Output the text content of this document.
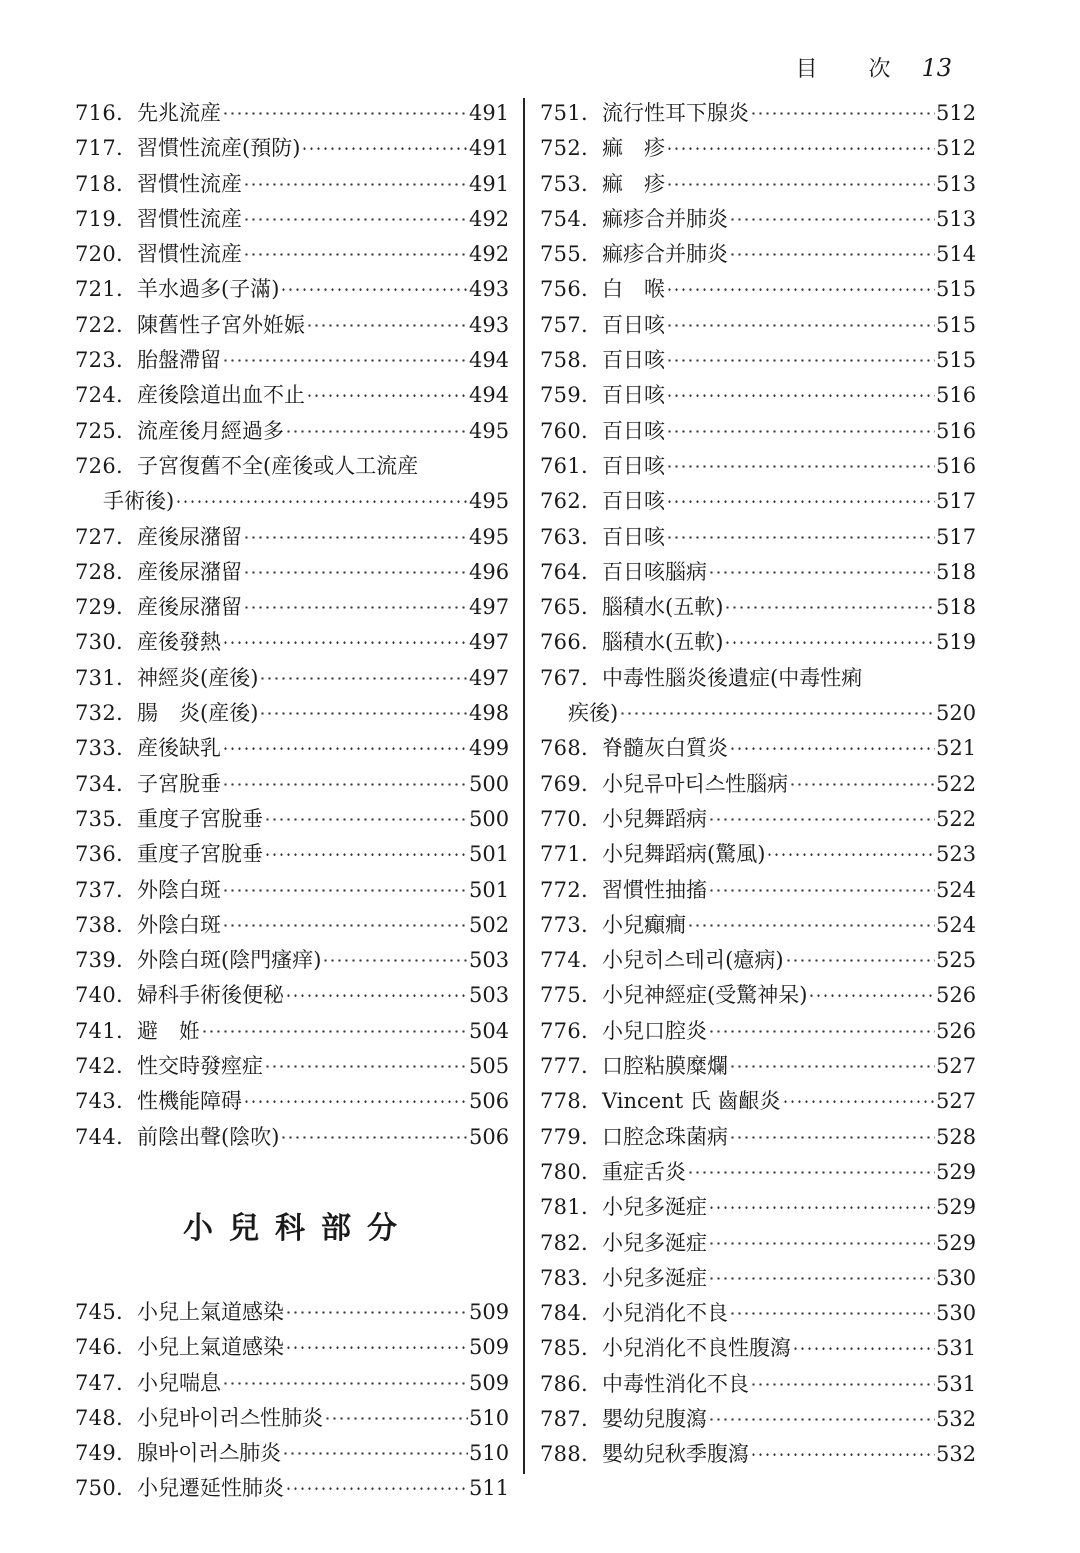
目 次 13
716. 先兆流産	491
717. 習慣性流産(預防)	491
718. 習慣性流産	491
719. 習慣性流産	492
720. 習慣性流産	492
721. 羊水過多(子滿)	493
722. 陳舊性子宮外姙娠	493
723. 胎盤滯留	494
724. 産後陰道出血不止	494
725. 流産後月經過多	495
726. 子宮復舊不全(産後或人工流産
手術後)	495
727. 産後尿潴留	495
728. 産後尿潴留	496
729. 産後尿潴留	497
730. 産後發熱	497
731. 神經炎(産後)	497
732. 腸　炎(産後)	498
733. 産後缺乳	499
734. 子宮脫垂	500
735. 重度子宮脫垂	500
736. 重度子宮脫垂	501
737. 外陰白斑	501
738. 外陰白斑	502
739. 外陰白斑(陰門瘙痒)	503
740. 婦科手術後便秘	503
741. 避　姙	504
742. 性交時發痙症	505
743. 性機能障碍	506
744. 前陰出聲(陰吹)	506
小兒科部分
745. 小兒上氣道感染	509
746. 小兒上氣道感染	509
747. 小兒喘息	509
748. 小兒바이러스性肺炎	510
749. 腺바이러스肺炎	510
750. 小兒遷延性肺炎	511
751. 流行性耳下腺炎	512
752. 痲　疹	512
753. 痲　疹	513
754. 痲疹合并肺炎	513
755. 痲疹合并肺炎	514
756. 白　喉	515
757. 百日咳	515
758. 百日咳	515
759. 百日咳	516
760. 百日咳	516
761. 百日咳	516
762. 百日咳	517
763. 百日咳	517
764. 百日咳腦病	518
765. 腦積水(五軟)	518
766. 腦積水(五軟)	519
767. 中毒性腦炎後遺症(中毒性痢
疾後)	520
768. 脊髓灰白質炎	521
769. 小兒류마티스性腦病	522
770. 小兒舞蹈病	522
771. 小兒舞蹈病(驚風)	523
772. 習慣性抽搐	524
773. 小兒癲癎	524
774. 小兒히스테리(癔病)	525
775. 小兒神經症(受驚神呆)	526
776. 小兒口腔炎	526
777. 口腔粘膜糜爛	527
778. Vincent 氏 齒齦炎	527
779. 口腔念珠菌病	528
780. 重症舌炎	529
781. 小兒多涎症	529
782. 小兒多涎症	529
783. 小兒多涎症	530
784. 小兒消化不良	530
785. 小兒消化不良性腹瀉	531
786. 中毒性消化不良	531
787. 嬰幼兒腹瀉	532
788. 嬰幼兒秋季腹瀉	532
